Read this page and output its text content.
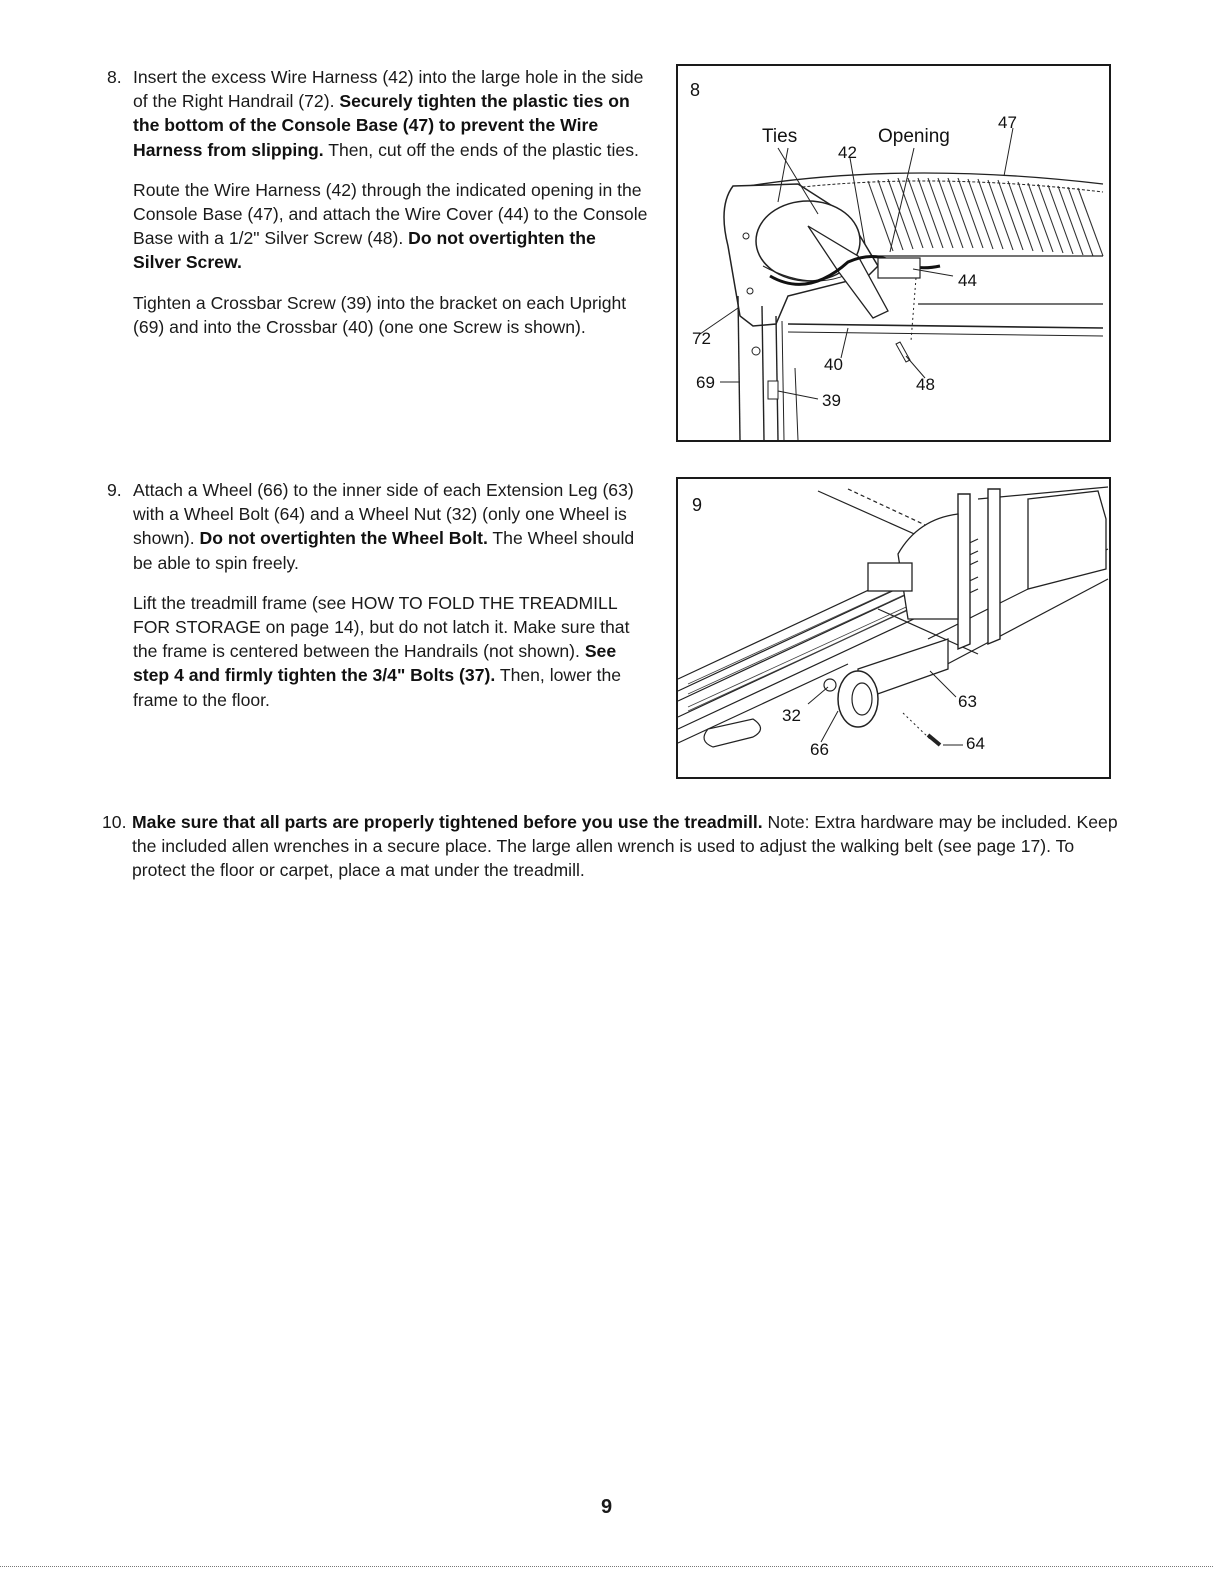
8. Insert the excess Wire Harness (42) into the large hole in the side of the Right Handrail (72). Securely tighten the plastic ties on the bottom of the Console Base (47) to prevent the Wire Harness from slipping. Then, cut off the ends of the plastic ties.

Route the Wire Harness (42) through the indicated opening in the Console Base (47), and attach the Wire Cover (44) to the Console Base with a 1/2" Silver Screw (48). Do not overtighten the Silver Screw.

Tighten a Crossbar Screw (39) into the bracket on each Upright (69) and into the Crossbar (40) (one one Screw is shown).

8
Ties	Opening
42
47
44
72
69
40
39
48
9. Attach a Wheel (66) to the inner side of each Extension Leg (63) with a Wheel Bolt (64) and a Wheel Nut (32) (only one Wheel is shown). Do not overtighten the Wheel Bolt. The Wheel should be able to spin freely.

Lift the treadmill frame (see HOW TO FOLD THE TREADMILL FOR STORAGE on page 14), but do not latch it. Make sure that the frame is centered between the Handrails (not shown). See step 4 and firmly tighten the 3/4" Bolts (37). Then, lower the frame to the floor.

9
32
63
66	64
10. Make sure that all parts are properly tightened before you use the treadmill. Note: Extra hardware may be included. Keep the included allen wrenches in a secure place. The large allen wrench is used to adjust the walking belt (see page 17). To protect the floor or carpet, place a mat under the treadmill.

9
